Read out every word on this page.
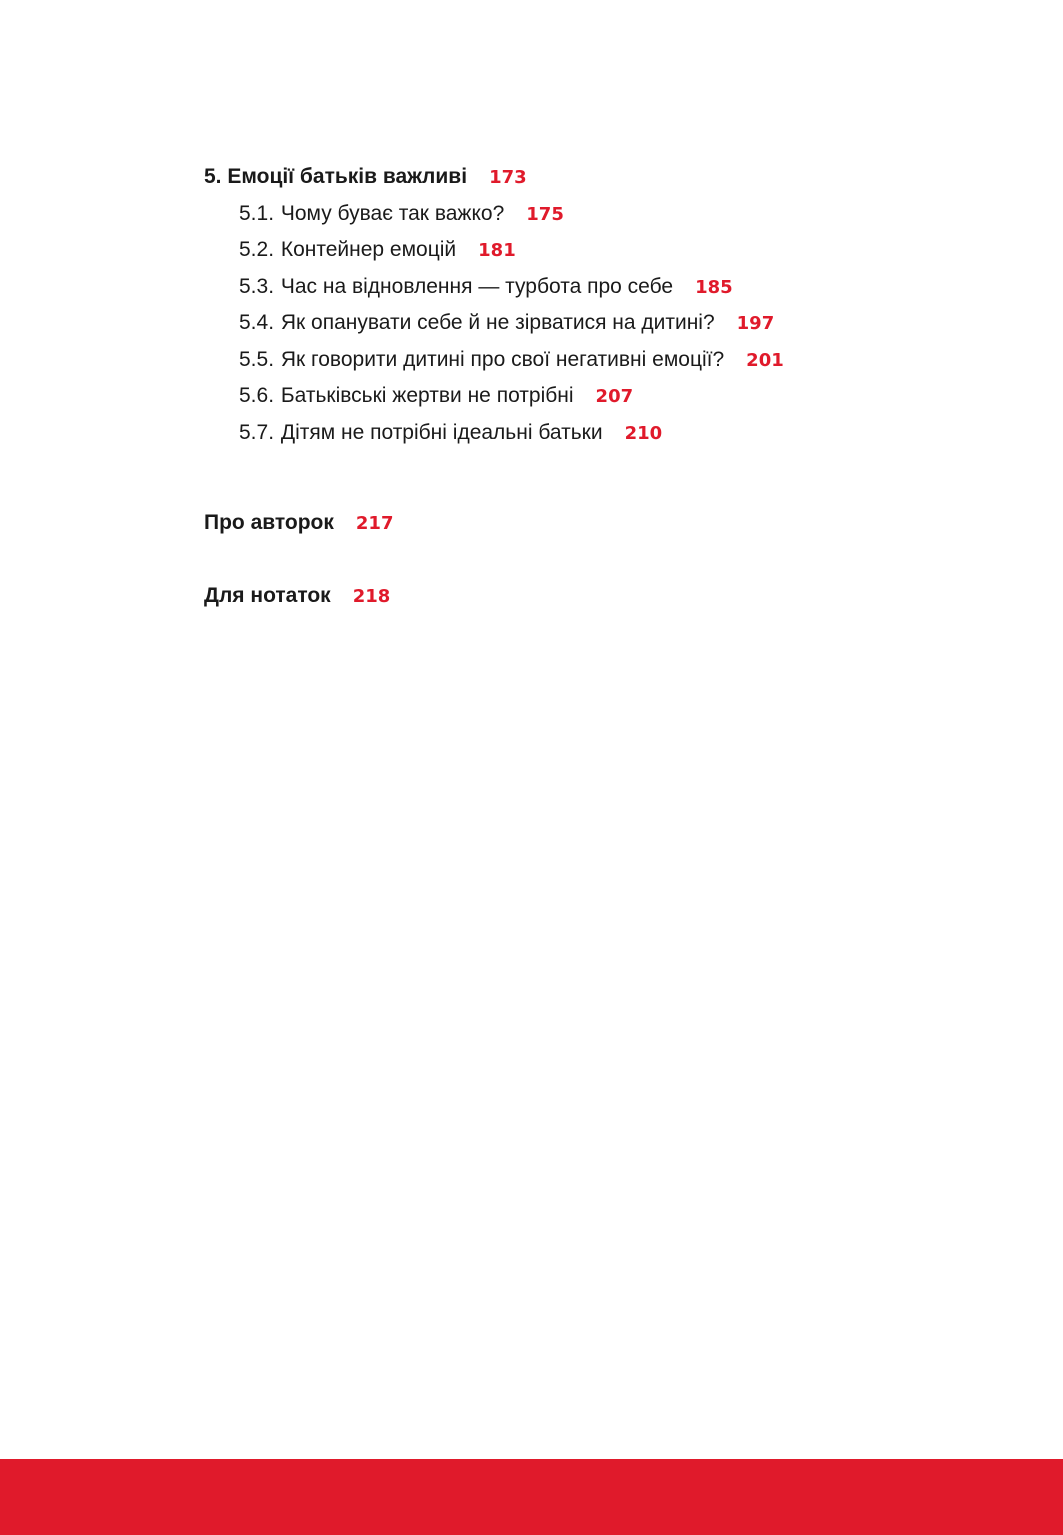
5. Емоції батьків важливі 173
5.1. Чому буває так важко? 175
5.2. Контейнер емоцій 181
5.3. Час на відновлення — турбота про себе 185
5.4. Як опанувати себе й не зірватися на дитині? 197
5.5. Як говорити дитині про свої негативні емоції? 201
5.6. Батьківські жертви не потрібні 207
5.7. Дітям не потрібні ідеальні батьки 210
Про авторок 217
Для нотаток 218
